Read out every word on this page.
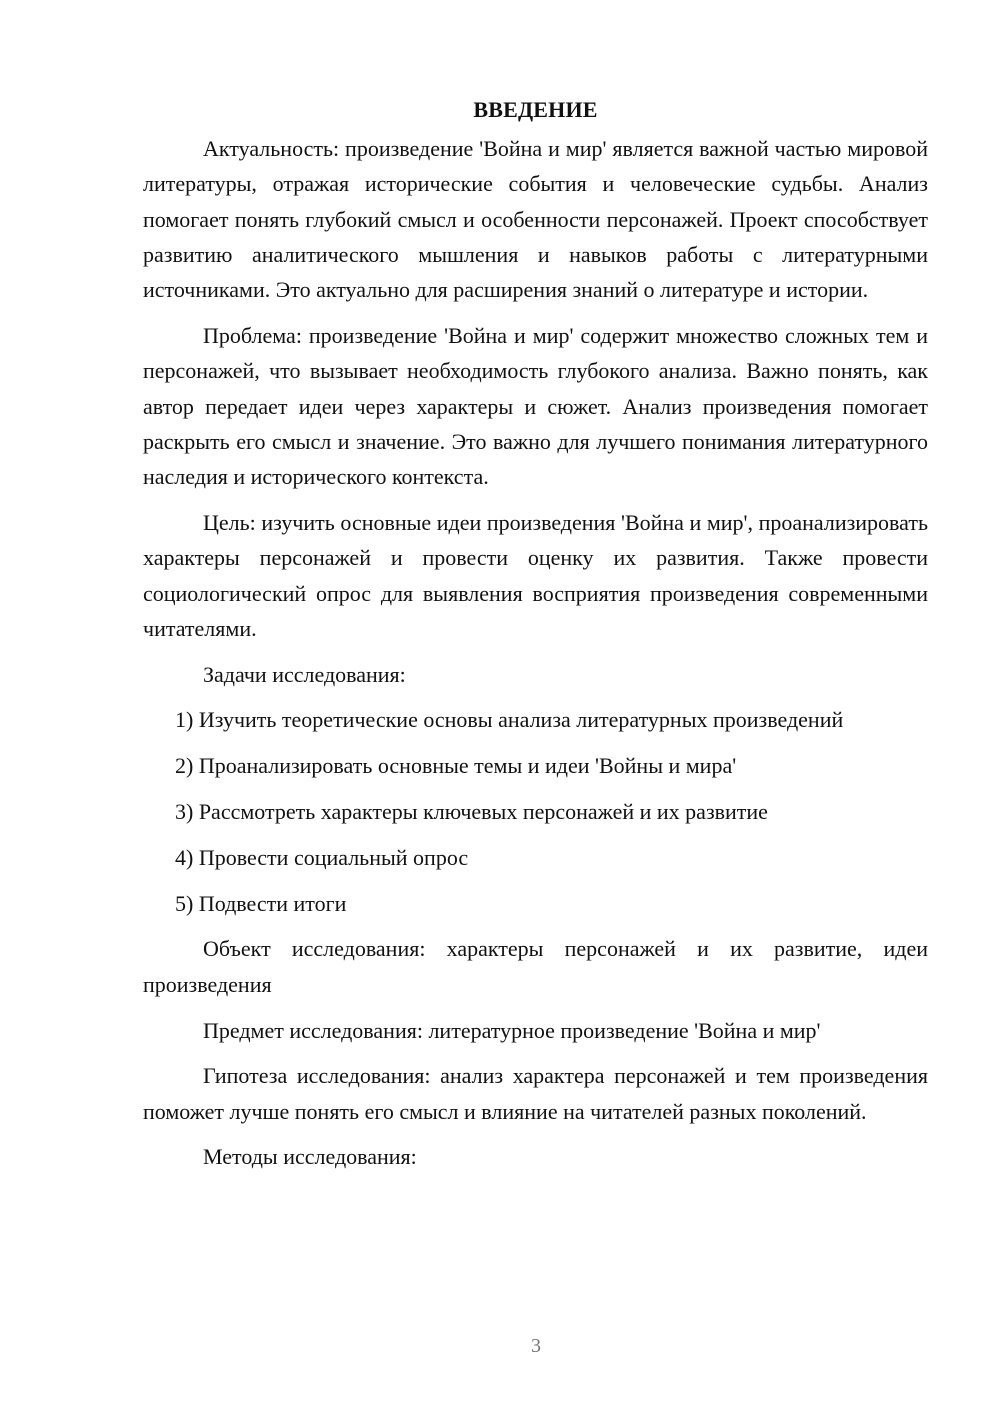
ВВЕДЕНИЕ

Актуальность: произведение 'Война и мир' является важной частью мировой литературы, отражая исторические события и человеческие судьбы. Анализ помогает понять глубокий смысл и особенности персонажей. Проект способствует развитию аналитического мышления и навыков работы с литературными источниками. Это актуально для расширения знаний о литературе и истории.

Проблема: произведение 'Война и мир' содержит множество сложных тем и персонажей, что вызывает необходимость глубокого анализа. Важно понять, как автор передает идеи через характеры и сюжет. Анализ произведения помогает раскрыть его смысл и значение. Это важно для лучшего понимания литературного наследия и исторического контекста.

Цель: изучить основные идеи произведения 'Война и мир', проанализировать характеры персонажей и провести оценку их развития. Также провести социологический опрос для выявления восприятия произведения современными читателями.

Задачи исследования:

1) Изучить теоретические основы анализа литературных произведений
2) Проанализировать основные темы и идеи 'Войны и мира'
3) Рассмотреть характеры ключевых персонажей и их развитие
4) Провести социальный опрос
5) Подвести итоги

Объект исследования: характеры персонажей и их развитие, идеи произведения

Предмет исследования: литературное произведение 'Война и мир'

Гипотеза исследования: анализ характера персонажей и тем произведения поможет лучше понять его смысл и влияние на читателей разных поколений.

Методы исследования:

3
